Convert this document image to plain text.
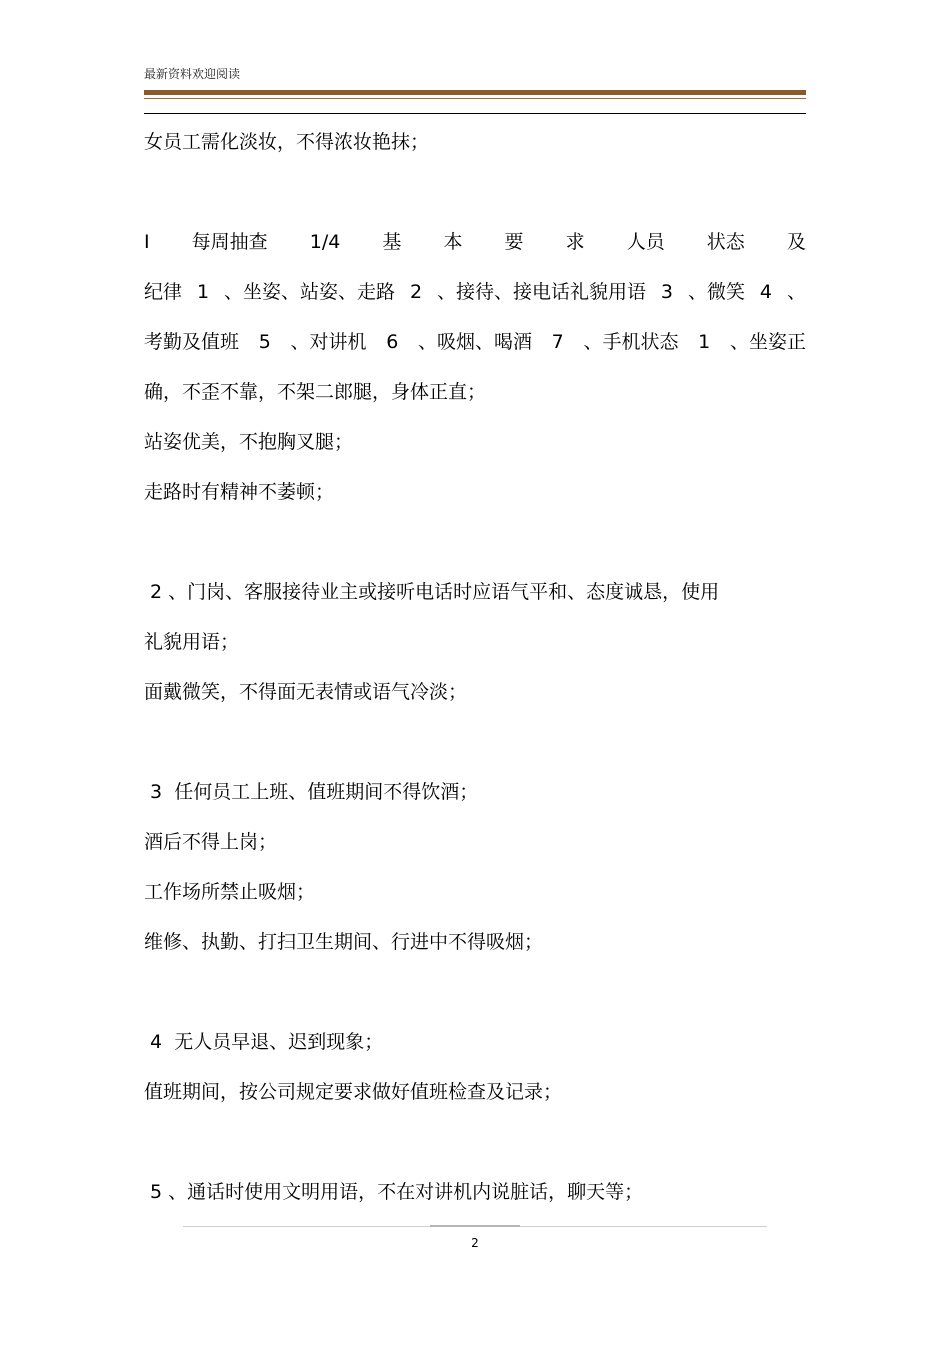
最新资料欢迎阅读
女员工需化淡妆，不得浓妆艳抹；
I 每周抽查 1/4 基 本 要 求 人员 状态 及
纪律 1 、坐姿、站姿、走路 2 、接待、接电话礼貌用语 3 、微笑 4 、
考勤及值班 5 、对讲机 6 、吸烟、喝酒 7 、手机状态 1 、坐姿正
确，不歪不靠，不架二郎腿，身体正直；
站姿优美，不抱胸叉腿；
走路时有精神不萎顿；
2 、门岗、客服接待业主或接听电话时应语气平和、态度诚恳，使用
礼貌用语；
面戴微笑，不得面无表情或语气冷淡；
3  任何员工上班、值班期间不得饮酒；
酒后不得上岗；
工作场所禁止吸烟；
维修、执勤、打扫卫生期间、行进中不得吸烟；
4  无人员早退、迟到现象；
值班期间，按公司规定要求做好值班检查及记录；
5 、通话时使用文明用语，不在对讲机内说脏话，聊天等；
2
